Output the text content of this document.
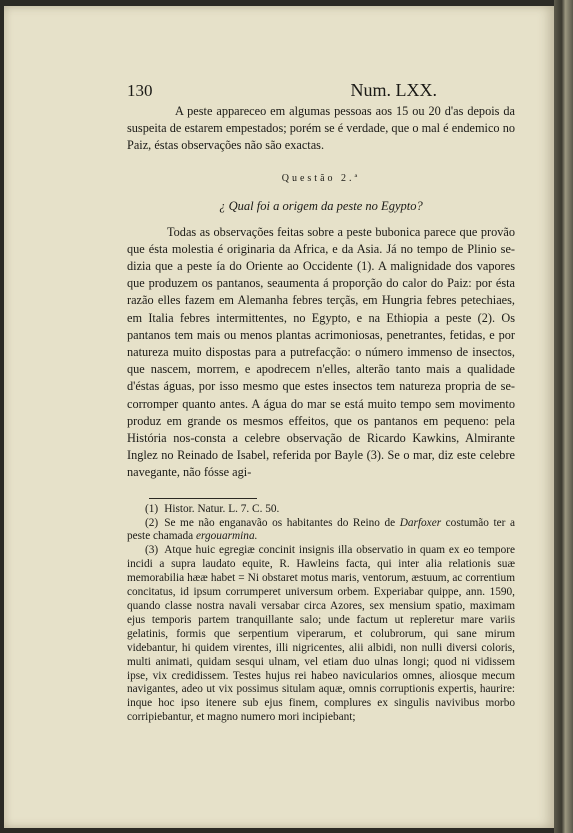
130	Num. LXX.

A peste appareceo em algumas pessoas aos 15 ou 20 d'as depois da suspeita de estarem empestados; porém se é verdade, que o mal é endemico no Paiz, éstas observações não são exactas.

Questão 2.ª
¿ Qual foi a origem da peste no Egypto?

Todas as observações feitas sobre a peste bubonica parece que provão que ésta molestia é originaria da Africa, e da Asia. Já no tempo de Plinio se-dizia que a peste ía do Oriente ao Occidente (1). A malignidade dos vapores que produzem os pantanos, seaumenta á proporção do calor do Paiz: por ésta razão elles fazem em Alemanha febres terçãs, em Hungria febres petechiaes, em Italia febres intermittentes, no Egypto, e na Ethiopia a peste (2). Os pantanos tem mais ou menos plantas acrimoniosas, penetrantes, fetidas, e por natureza muito dispostas para a putrefacção: o número immenso de insectos, que nascem, morrem, e apodrecem n'elles, alterão tanto mais a qualidade d'éstas águas, por isso mesmo que estes insectos tem natureza propria de se-corromper quanto antes. A água do mar se está muito tempo sem movimento produz em grande os mesmos effeitos, que os pantanos em pequeno: pela História nos-consta a celebre observação de Ricardo Kawkins, Almirante Inglez no Reinado de Isabel, referida por Bayle (3). Se o mar, diz este celebre navegante, não fósse agi-

(1) Histor. Natur. L. 7. C. 50.

(2) Se me não enganavão os habitantes do Reino de Darfoxer costumão ter a peste chamada ergouarmina.

(3) Atque huic egregiæ concinit insignis illa observatio in quam ex eo tempore incidi a supra laudato equite, R. Hawleins facta, qui inter alia relationis suæ memorabilia hææ habet = Ni obstaret motus maris, ventorum, æstuum, ac correntium concitatus, id ipsum corrumperet universum orbem. Experiabar quippe, ann. 1590, quando classe nostra navali versabar circa Azores, sex mensium spatio, maximam ejus temporis partem tranquillante salo; unde factum ut repleretur mare variis gelatinis, formis que serpentium viperarum, et colubrorum, qui sane mirum videbantur, hi quidem virentes, illi nigricentes, alii albidi, non nulli diversi coloris, multi animati, quidam sesqui ulnam, vel etiam duo ulnas longi; quod ni vidissem ipse, vix credidissem. Testes hujus rei habeo navicularios omnes, aliosque mecum navigantes, adeo ut vix possimus situlam aquæ, omnis corruptionis expertis, haurire: inque hoc ipso itenere sub ejus finem, complures ex singulis navivibus morbo corripiebantur, et magno numero mori incipiebant;
